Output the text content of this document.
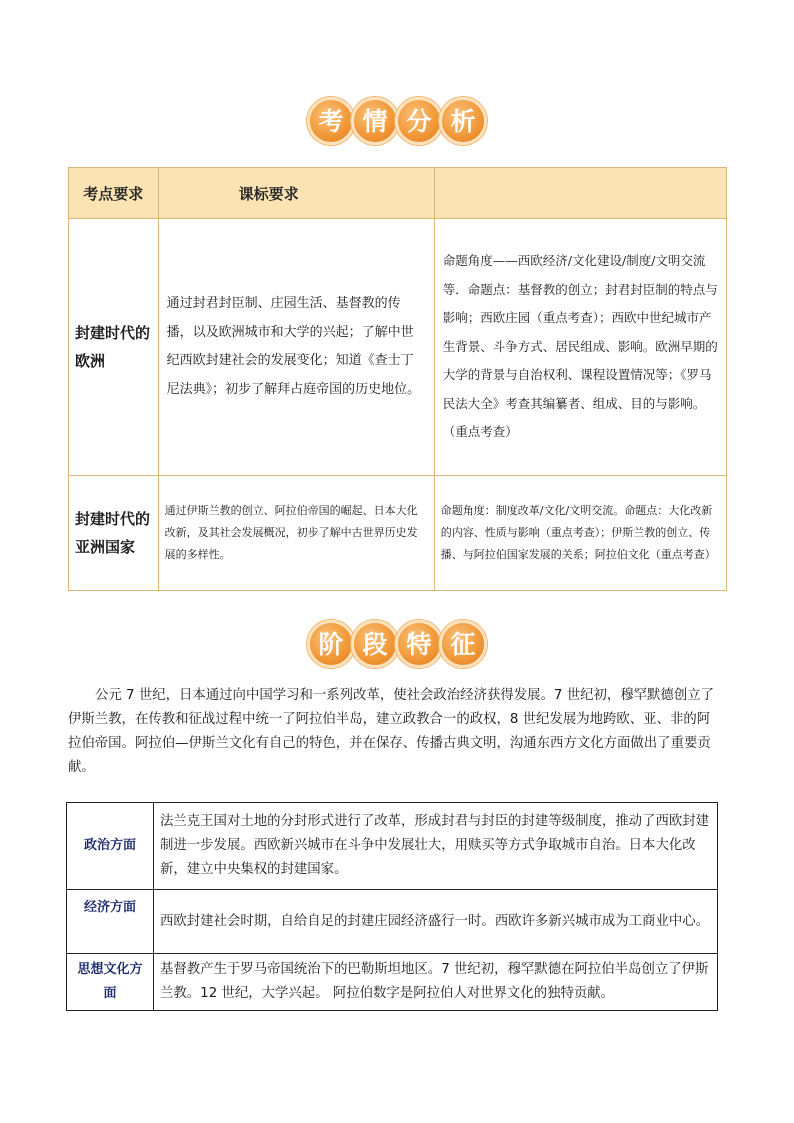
考 情 分 析
考点要求	课标要求	
封建时代的欧洲	通过封君封臣制、庄园生活、基督教的传播，以及欧洲城市和大学的兴起；了解中世纪西欧封建社会的发展变化；知道《查士丁尼法典》；初步了解拜占庭帝国的历史地位。	命题角度——西欧经济/文化建设/制度/文明交流等．命题点：基督教的创立；封君封臣制的特点与影响；西欧庄园（重点考查）；西欧中世纪城市产生背景、斗争方式、居民组成、影响。欧洲早期的大学的背景与自治权利、课程设置情况等；《罗马民法大全》考查其编纂者、组成、目的与影响。（重点考查）
封建时代的亚洲国家	通过伊斯兰教的创立、阿拉伯帝国的崛起、日本大化改新，及其社会发展概况，初步了解中古世界历史发展的多样性。	命题角度：制度改革/文化/文明交流。命题点：大化改新的内容、性质与影响（重点考查）；伊斯兰教的创立、传播、与阿拉伯国家发展的关系；阿拉伯文化（重点考查）
阶 段 特 征

公元 7 世纪，日本通过向中国学习和一系列改革，使社会政治经济获得发展。7 世纪初，穆罕默德创立了伊斯兰教，在传教和征战过程中统一了阿拉伯半岛，建立政教合一的政权，8 世纪发展为地跨欧、亚、非的阿拉伯帝国。阿拉伯—伊斯兰文化有自己的特色，并在保存、传播古典文明，沟通东西方文化方面做出了重要贡献。

政治方面	法兰克王国对土地的分封形式进行了改革，形成封君与封臣的封建等级制度，推动了西欧封建制进一步发展。西欧新兴城市在斗争中发展壮大，用赎买等方式争取城市自治。日本大化改新，建立中央集权的封建国家。
经济方面	西欧封建社会时期，自给自足的封建庄园经济盛行一时。西欧许多新兴城市成为工商业中心。
思想文化方面	基督教产生于罗马帝国统治下的巴勒斯坦地区。7 世纪初，穆罕默德在阿拉伯半岛创立了伊斯兰教。12 世纪，大学兴起。 阿拉伯数字是阿拉伯人对世界文化的独特贡献。
